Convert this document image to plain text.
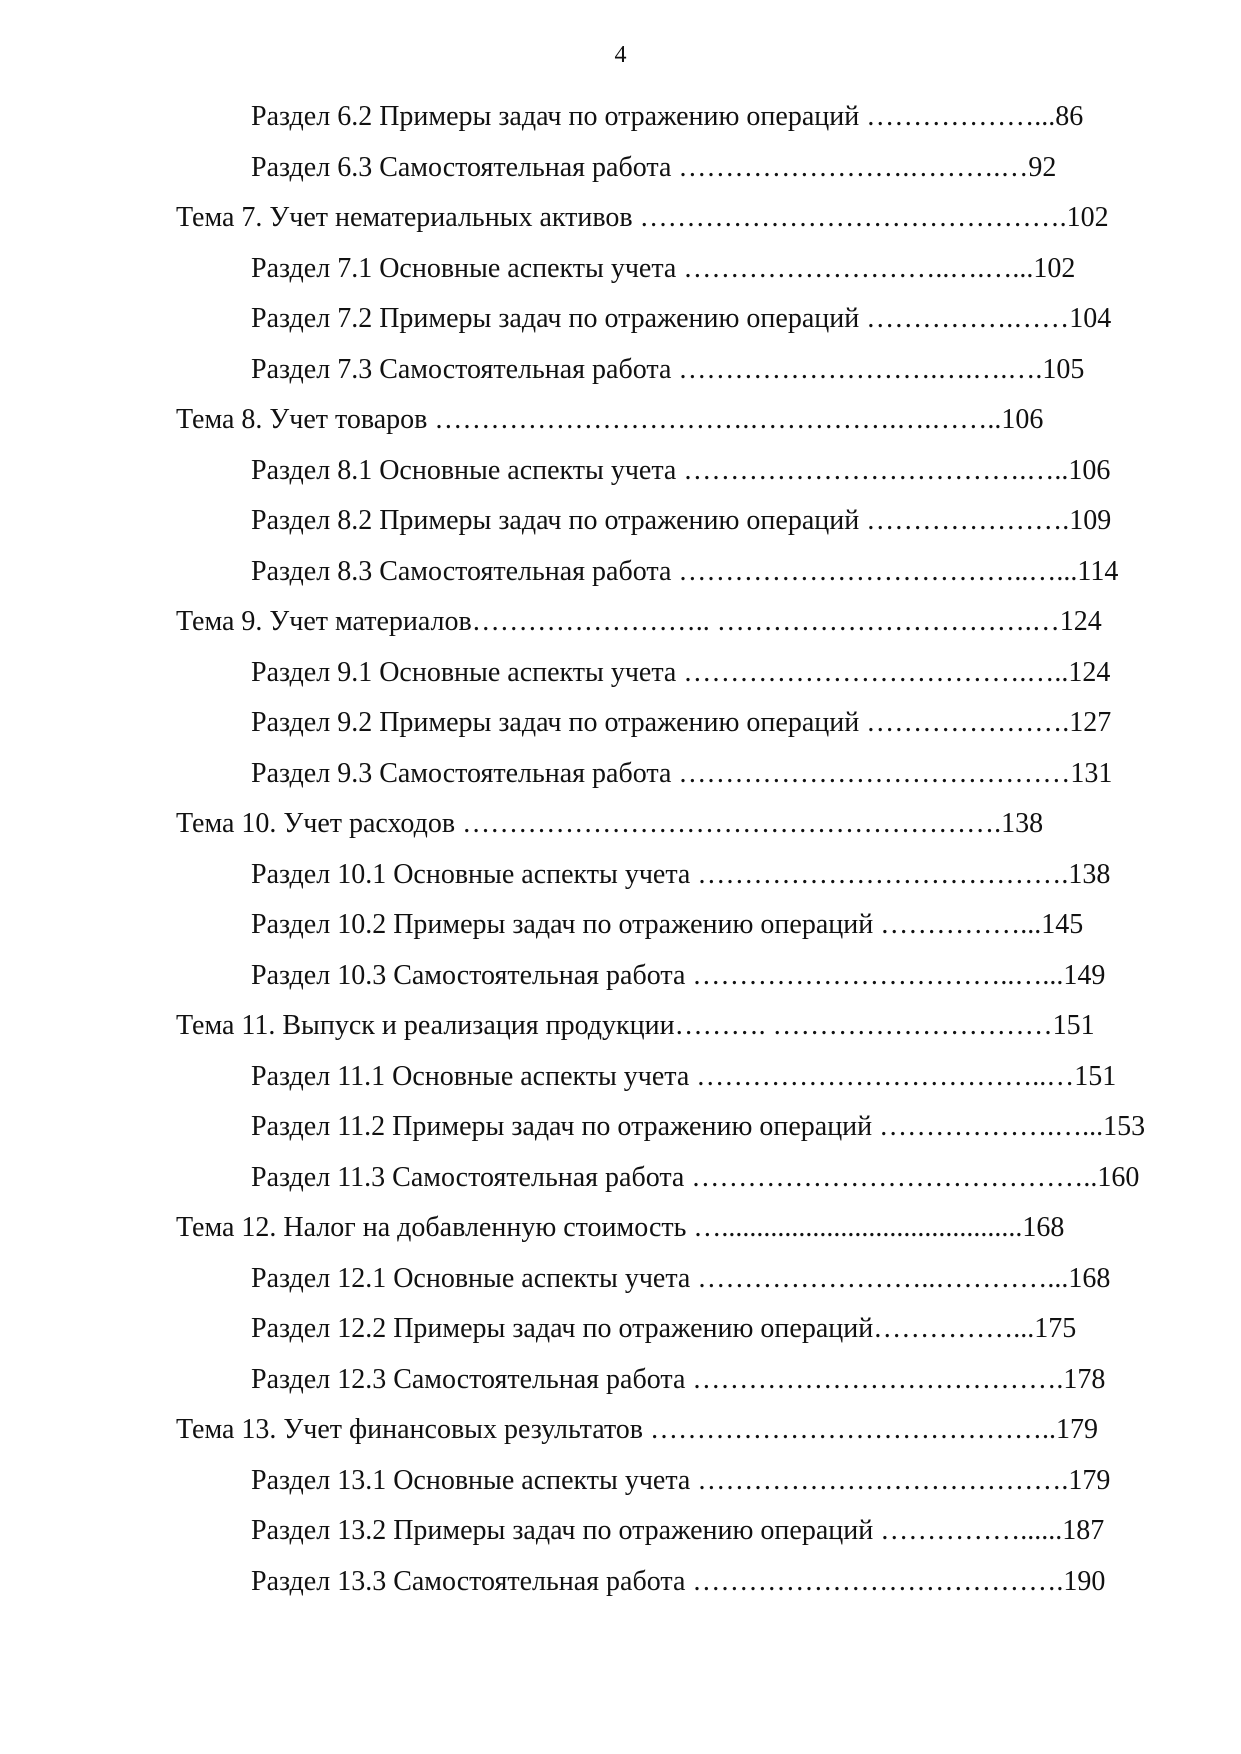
4
Раздел 6.2 Примеры задач по отражению операций ………………...86
Раздел 6.3 Самостоятельная работа …………………….……….…92
Тема 7. Учет нематериальных активов ……………………………………….102
Раздел 7.1 Основные аспекты учета ………………………..….…...102
Раздел 7.2 Примеры задач по отражению операций …………….……104
Раздел 7.3 Самостоятельная работа ……………………….….….….105
Тема 8. Учет товаров …………………………….…………….….……..106
Раздел 8.1 Основные аспекты учета ……………………………….…..106
Раздел 8.2 Примеры задач по отражению операций ………………….109
Раздел 8.3 Самостоятельная работа ………………………………..…...114
Тема 9. Учет материалов…………………….. …………………………….…124
Раздел 9.1 Основные аспекты учета ……………………………….…..124
Раздел 9.2 Примеры задач по отражению операций ………………….127
Раздел 9.3 Самостоятельная работа ……………………………………131
Тема 10. Учет расходов ………………………………………………….138
Раздел 10.1 Основные аспекты учета ………………………………….138
Раздел 10.2 Примеры задач по отражению операций ……………...145
Раздел 10.3 Самостоятельная работа ……………………………..…...149
Тема 11. Выпуск и реализация продукции………. …………………………151
Раздел 11.1 Основные аспекты учета ………………………………..…151
Раздел 11.2 Примеры задач по отражению операций ……………….…...153
Раздел 11.3 Самостоятельная работа ……………………………………..160
Тема 12. Налог на добавленную стоимость …...........................................168
Раздел 12.1 Основные аспекты учета ……………………..…………...168
Раздел 12.2 Примеры задач по отражению операций……………...175
Раздел 12.3 Самостоятельная работа ………………………………….178
Тема 13. Учет финансовых результатов ……………………………………..179
Раздел 13.1 Основные аспекты учета ………………………………….179
Раздел 13.2 Примеры задач по отражению операций ……………......187
Раздел 13.3 Самостоятельная работа ………………………………….190
